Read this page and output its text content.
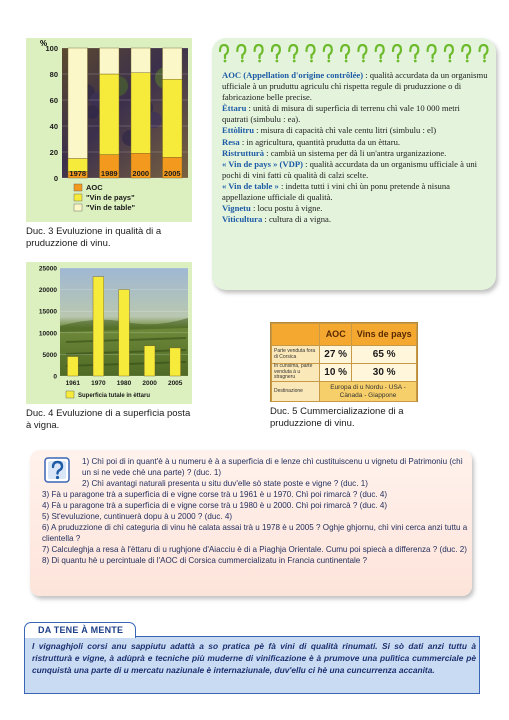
0
20
40
60
80
100
1978 1989 2000 2005
%
AOC
"Vin de pays"
"Vin de table"
Duc. 3 Evuluzione in qualità di a pruduzzione di vinu.
0
5000
10000
15000
20000
25000
1961 1970 1980 2000 2005
Superficia tutale in èttaru
Duc. 4 Evuluzione di a superfìcia posta à vigna.

AOC (Appellation d'origine contrôlée) : qualità accurdata da un organismu ufficiale à un pruduttu agriculu chì rispetta regule di pruduzzione o di fabricazione belle precise.

Èttaru : unità di misura di superfìcia di terrenu chì vale 10 000 metri quatrati (simbulu : ea).

Ettòlitru : misura di capacità chì vale centu litri (simbulu : el)

Resa : in agricultura, quantità prudutta da un èttaru.

Ristrutturà : cambià un sistema per dà li un'antra urganizazione.

« Vin de pays » (VDP) : qualità accurdata da un organismu ufficiale à uni pochi di vini fatti cù qualità di calzi scelte.

« Vin de table » : indetta tutti i vini chì ùn ponu pretende à nisuna appellazione ufficiale di qualità.

Vignetu : locu postu à vigne.

Viticultura : cultura di a vigna.

	AOC	Vins de pays
Parte venduta fora di Corsica	27 %	65 %
In cunsima, parte venduta à u stragneru	10 %	30 %
Destinazione	Europa di u Nordu - USA - Cànada - Giappone	
Duc. 5 Cummercializazione di a pruduzzione di vinu.

1) Chì poi di in quant'è à u numeru è à a superfìcia di e lenze chì custituiscenu u vignetu di Patrimoniu (chì un si ne vede chè una parte) ? (duc. 1)

2) Chì avantagi naturali presenta u situ duv'elle sò state poste e vigne ? (duc. 1)

3) Fà u paragone trà a superfìcia di e vigne corse trà u 1961 è u 1970. Chì poi rimarcà ? (duc. 4)

4) Fà u paragone trà a superfìcia di e vigne corse trà u 1980 è u 2000. Chì poi rimarcà ? (duc. 4)

5) St'evuluzione, cuntinuerà dopu à u 2000 ? (duc. 4)

6) A pruduzzione di chì categuria di vinu hè calata assai trà u 1978 è u 2005 ? Oghje ghjornu, chì vini cerca anzi tuttu a clientella ?

7) Calculeghja a resa à l'èttaru di u rughjone d'Aiacciu è di a Piaghja Orientale. Cumu poi spiecà a differenza ? (duc. 2)

8) Di quantu hè u percintuale di l'AOC di Corsica cummercializatu in Francia cuntinentale ?

DA TENE À MENTE
I vignaghjoli corsi anu sappiutu adattà a so pratica pè fà vini di qualità rinumati. Si sò dati anzi tuttu à ristrutturà e vigne, à adùprà e tecniche più muderne di vinificazione è à prumove una pulìtica cummerciale pè cunquistà una parte di u mercatu naziunale è internaziunale, duv'ellu ci hè una cuncurrenza accanita.
